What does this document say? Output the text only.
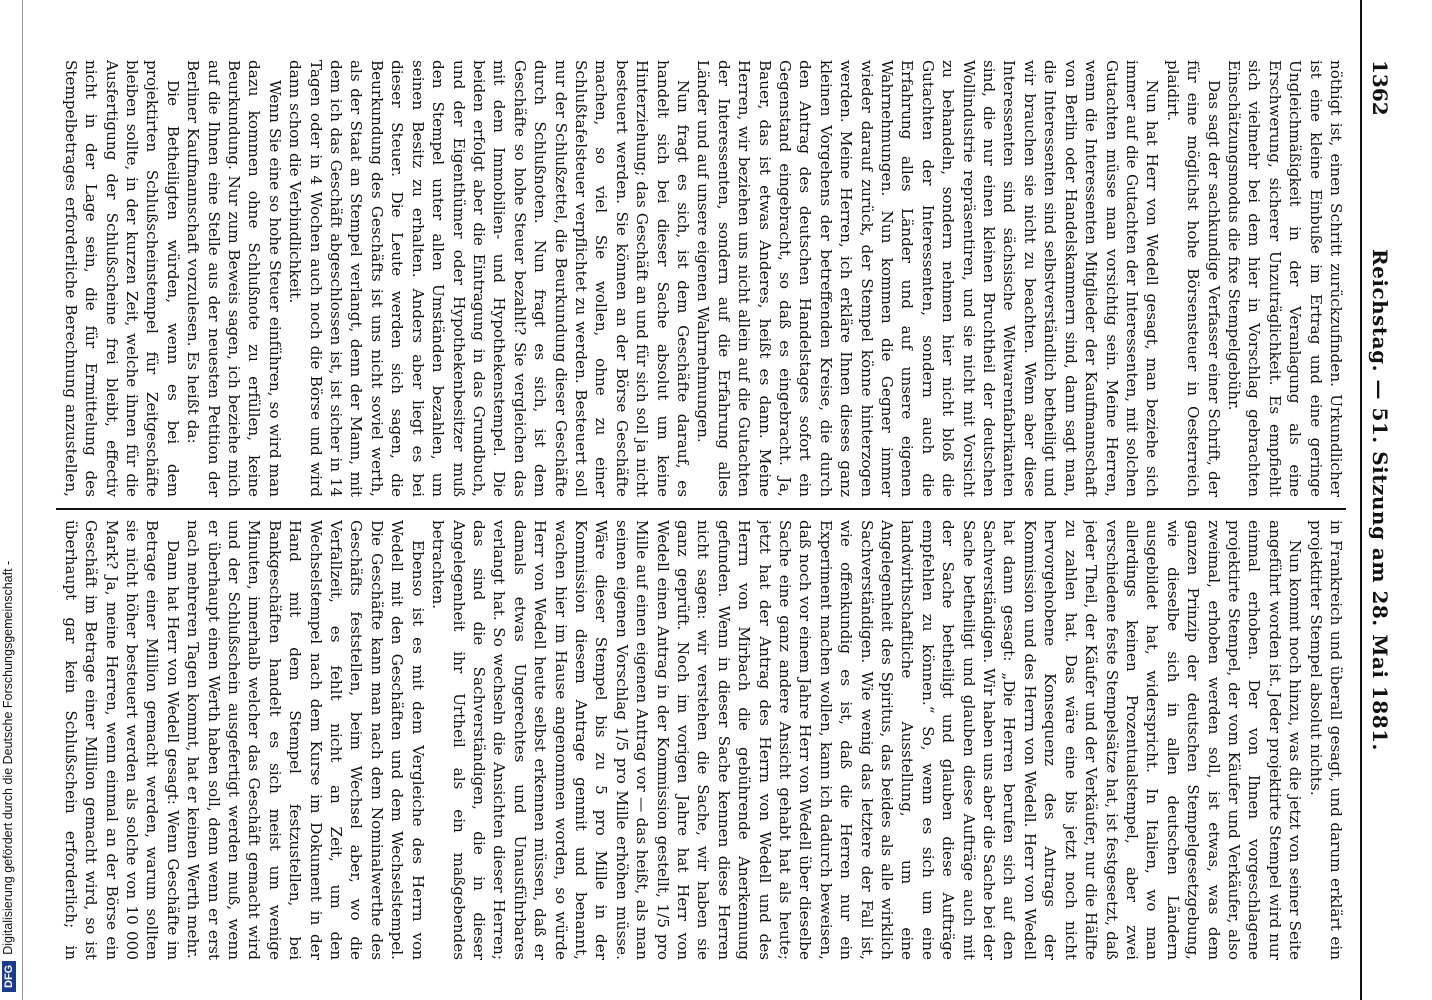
DFGDigitalisierung gefördert durch die Deutsche Forschungsgemeinschaft -
1362
Reichstag. — 51. Sitzung am 28. Mai 1881.

nöthigt ist, einen Schritt zurückzufinden. Urkundlicher ist eine kleine Einbuße im Ertrag und eine geringe Ungleichmäßigkeit in der Veranlagung als eine Erschwerung, sicherer Unzuträglichkeit. Es empfiehlt sich vielmehr bei dem hier in Vorschlag gebrachten Einschätzungsmodus die fixe Stempelgebühr.

Das sagt der sachkundige Verfasser einer Schrift, der für eine möglichst hohe Börsensteuer in Oesterreich plaidirt.

Nun hat Herr von Wedell gesagt, man beziehe sich immer auf die Gutachten der Interessenten, mit solchen Gutachten müsse man vorsichtig sein. Meine Herren, wenn die Interessenten Mitglieder der Kaufmannschaft von Berlin oder Handelskammern sind, dann sagt man, die Interessenten sind selbstverständlich betheiligt und wir brauchen sie nicht zu beachten. Wenn aber diese Interessenten sind sächsische Weltwarenfabrikanten sind, die nur einen kleinen Bruchtheil der deutschen Wollindustrie repräsentiren, und sie nicht mit Vorsicht zu behandeln, sondern nehmen hier nicht bloß die Gutachten der Interessenten, sondern auch die Erfahrung alles Länder und auf unsere eigenen Wahrnehmungen. Nun kommen die Gegner immer wieder darauf zurück, der Stempel könne hinterzogen werden. Meine Herren, ich erkläre Ihnen dieses ganz kleinen Vorgehens der betreffenden Kreise, die durch den Antrag des deutschen Handelstages sofort ein Gegenstand eingebracht, so daß es eingebracht. Ja, Bauer, das ist etwas Anderes, heißt es dann. Meine Herren, wir beziehen uns nicht allein auf die Gutachten der Interessenten, sondern auf die Erfahrung alles Länder und auf unsere eigenen Wahrnehmungen.

Nun fragt es sich, ist dem Geschäfte darauf, es handelt sich bei dieser Sache absolut um keine Hinterziehung; das Geschäft an und für sich soll ja nicht besteuert werden. Sie können an der Börse Geschäfte machen, so viel Sie wollen, ohne zu einer Schlußtafelsteuer verpflichtet zu werden. Besteuert soll nur der Schlußzettel, die Beurkundung dieser Geschäfte durch Schlußnoten. Nun fragt es sich, ist dem Geschäfte so hohe Steuer bezahlt? Sie vergleichen das mit dem Immobilien- und Hypothekenstempel. Die beiden erfolgt aber die Eintragung in das Grundbuch, und der Eigenthümer oder Hypothekenbesitzer muß den Stempel unter allen Umständen bezahlen, um seinen Besitz zu erhalten. Anders aber liegt es bei dieser Steuer. Die Leute werden sich sagen, die Beurkundung des Geschäfts ist uns nicht soviel werth, als der Staat an Stempel verlangt, denn der Mann, mit dem ich das Geschäft abgeschlossen ist, ist sicher in 14 Tagen oder in 4 Wochen auch noch die Börse und wird dann schon die Verbindlichkeit.

Wenn Sie eine so hohe Steuer einführen, so wird man dazu kommen ohne Schlußnote zu erfüllen, keine Beurkundung. Nur zum Beweis sagen, ich beziehe mich auf die Ihnen eine Stelle aus der neuesten Petition der Berliner Kaufmannschaft vorzulesen. Es heißt da:

Die Betheiligten würden, wenn es bei dem projektirten Schlußscheinstempel für Zeitgeschäfte bleiben sollte, in der kurzen Zeit, welche ihnen für die Ausfertigung der Schlußscheine frei bleibt, effectiv nicht in der Lage sein, die für Ermittelung des Stempelbetrages erforderliche Berechnung anzustellen,

in Frankreich und überall gesagt, und darum erklärt ein projektirter Stempel absolut nichts.

Nun kommt noch hinzu, was die jetzt von seiner Seite angeführt worden ist. Jeder projektirte Stempel wird nur einmal erhoben. Der von Ihnen vorgeschlagene projektirte Stempel, der vom Käufer und Verkäufer, also zweimal, erhoben werden soll, ist etwas, was dem ganzen Prinzip der deutschen Stempelgesetzgebung, wie dieselbe sich in allen deutschen Ländern ausgebildet hat, widerspricht. In Italien, wo man allerdings keinen Prozentualstempel, aber zwei verschiedene feste Stempelsätze hat, ist festgesetzt, daß jeder Theil, der Käufer und der Verkäufer, nur die Hälfte zu zahlen hat. Das wäre eine bis jetzt noch nicht hervorgehobene Konsequenz des Antrags der Kommission und des Herrn von Wedell. Herr von Wedell hat dann gesagt: „Die Herren berufen sich auf den Sachverständigen. Wir haben uns aber die Sache bei der Sache betheiligt und glauben diese Aufträge auch mit der Sache betheiligt und glauben diese Aufträge empfehlen zu können.“ So, wenn es sich um eine landwirthschaftliche Ausstellung, um eine Angelegenheit des Spiritus, das beides als alle wirklich Sachverständigen. Wie wenig das letztere der Fall ist, wie offenkundig es ist, daß die Herren nur ein Experiment machen wollen, kann ich dadurch beweisen, daß noch vor einem Jahre Herr von Wedell über dieselbe Sache eine ganz andere Ansicht gehabt hat als heute; jetzt hat der Antrag des Herrn von Wedell und des Herrn von Mirbach die gebührende Anerkennung gefunden. Wenn in dieser Sache kennen diese Herren nicht sagen: wir verstehen die Sache, wir haben sie ganz geprüft. Noch im vorigen Jahre hat Herr von Wedell einen Antrag in der Kommission gestellt, 1/5 pro Mille auf einen eigenen Antrag vor — das heißt, als man seinen eigenen Vorschlag 1/5 pro Mille erhöhen müsse. Wäre dieser Stempel bis zu 5 pro Mille in der Kommission diesem Antrage genmit und benannt, wachen hier im Hause angenommen worden, so würde Herr von Wedell heute selbst erkennen müssen, daß er damals etwas Ungerechtes und Unausführbares verlangt hat. So wechseln die Ansichten dieser Herren; das sind die Sachverständigen, die in dieser Angelegenheit ihr Urtheil als ein maßgebendes betrachten.

Ebenso ist es mit dem Vergleiche des Herrn von Wedell mit den Geschäften und dem Wechselstempel. Die Geschäfte kann man nach dem Nominalwerthe des Geschäfts feststellen, beim Wechsel aber, wo die Verfallzeit, es fehlt nicht an Zeit, um den Wechselstempel nach dem Kurse im Dokument in der Hand mit dem Stempel festzustellen, bei Bankgeschäften handelt es sich meist um wenige Minuten, innerhalb welcher das Geschäft gemacht wird und der Schlußschein ausgefertigt werden muß, wenn er überhaupt einen Werth haben soll, denn wenn er erst nach mehreren Tagen kommt, hat er keinen Werth mehr.

Dann hat Herr von Wedell gesagt: Wenn Geschäfte im Betrage einer Million gemacht werden, warum sollten sie nicht höher besteuert werden als solche von 10 000 Mark? Ja, meine Herren, wenn einmal an der Börse ein Geschäft im Betrage einer Million gemacht wird, so ist überhaupt gar kein Schlußschein erforderlich; in
